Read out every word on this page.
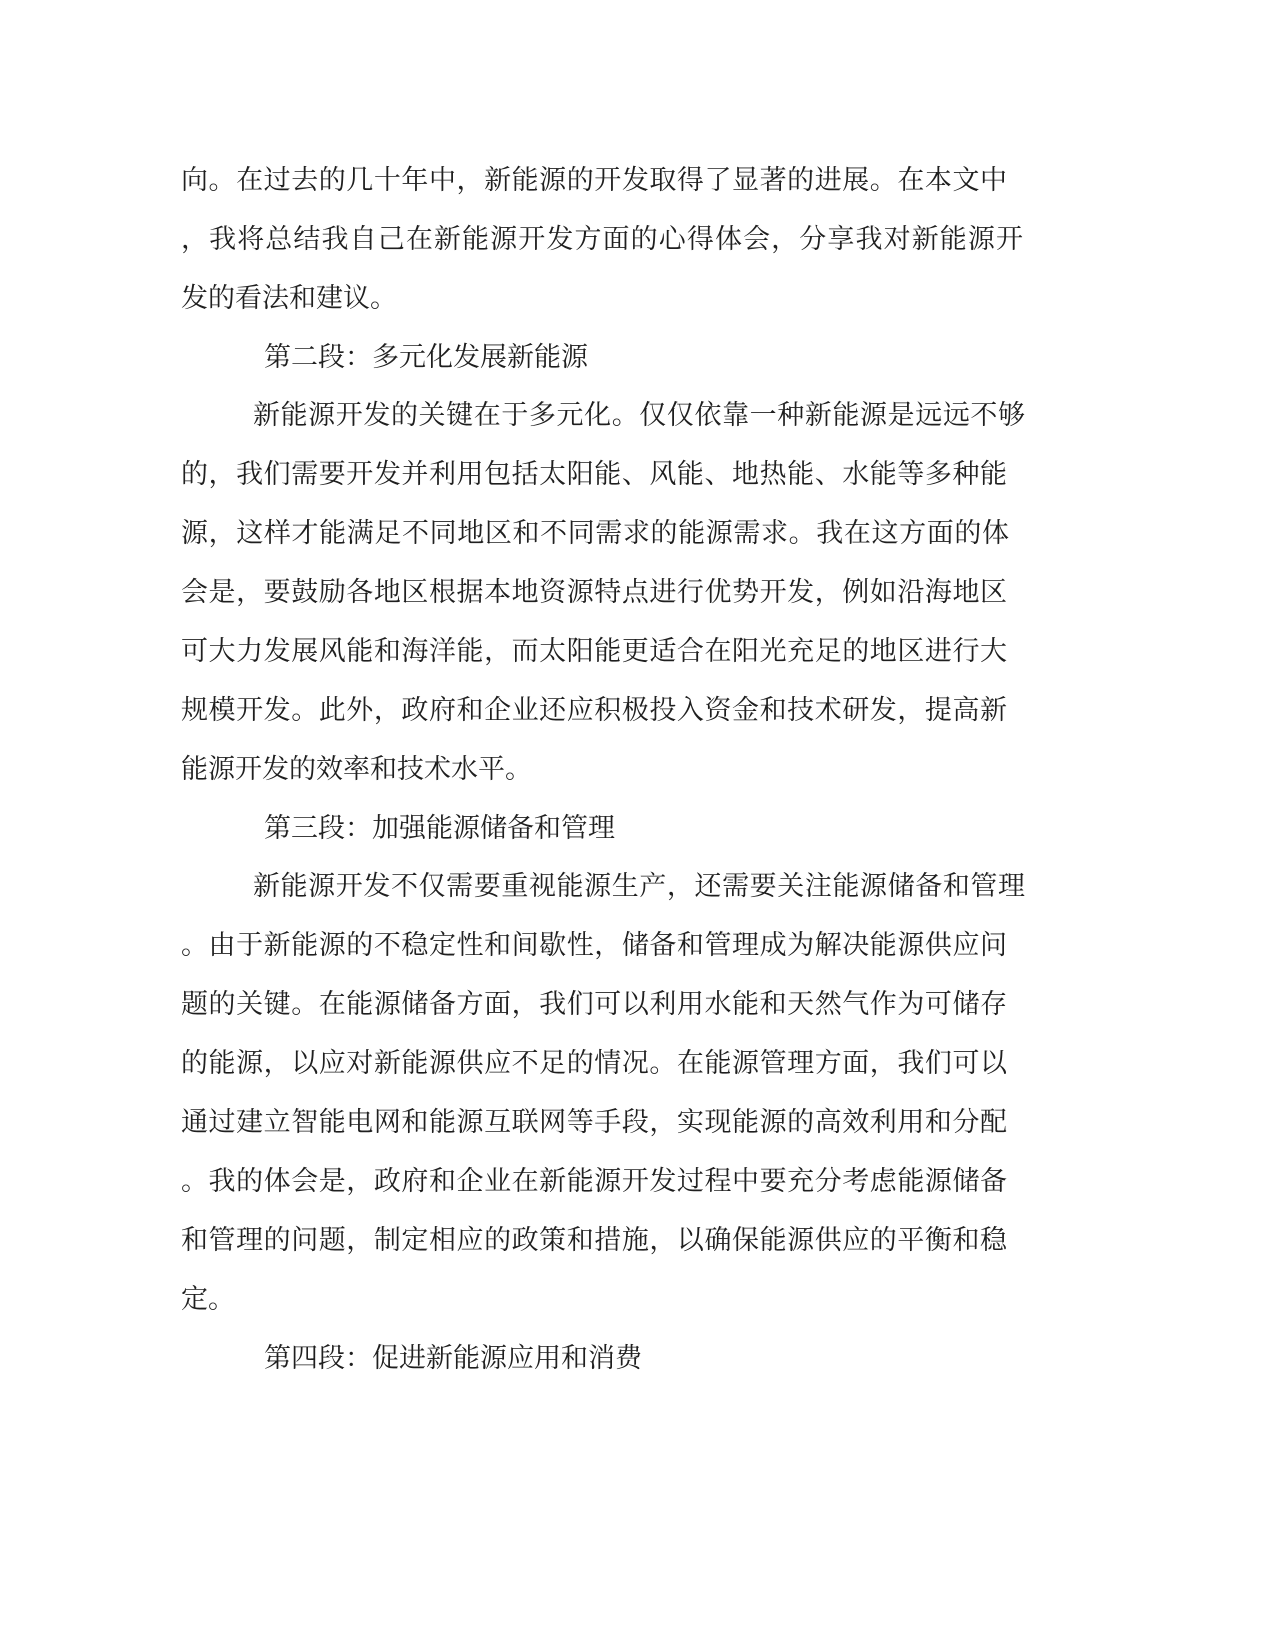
向。在过去的几十年中，新能源的开发取得了显著的进展。在本文中
，我将总结我自己在新能源开发方面的心得体会，分享我对新能源开
发的看法和建议。
第二段：多元化发展新能源
新能源开发的关键在于多元化。仅仅依靠一种新能源是远远不够
的，我们需要开发并利用包括太阳能、风能、地热能、水能等多种能
源，这样才能满足不同地区和不同需求的能源需求。我在这方面的体
会是，要鼓励各地区根据本地资源特点进行优势开发，例如沿海地区
可大力发展风能和海洋能，而太阳能更适合在阳光充足的地区进行大
规模开发。此外，政府和企业还应积极投入资金和技术研发，提高新
能源开发的效率和技术水平。
第三段：加强能源储备和管理
新能源开发不仅需要重视能源生产，还需要关注能源储备和管理
。由于新能源的不稳定性和间歇性，储备和管理成为解决能源供应问
题的关键。在能源储备方面，我们可以利用水能和天然气作为可储存
的能源，以应对新能源供应不足的情况。在能源管理方面，我们可以
通过建立智能电网和能源互联网等手段，实现能源的高效利用和分配
。我的体会是，政府和企业在新能源开发过程中要充分考虑能源储备
和管理的问题，制定相应的政策和措施，以确保能源供应的平衡和稳
定。
第四段：促进新能源应用和消费
